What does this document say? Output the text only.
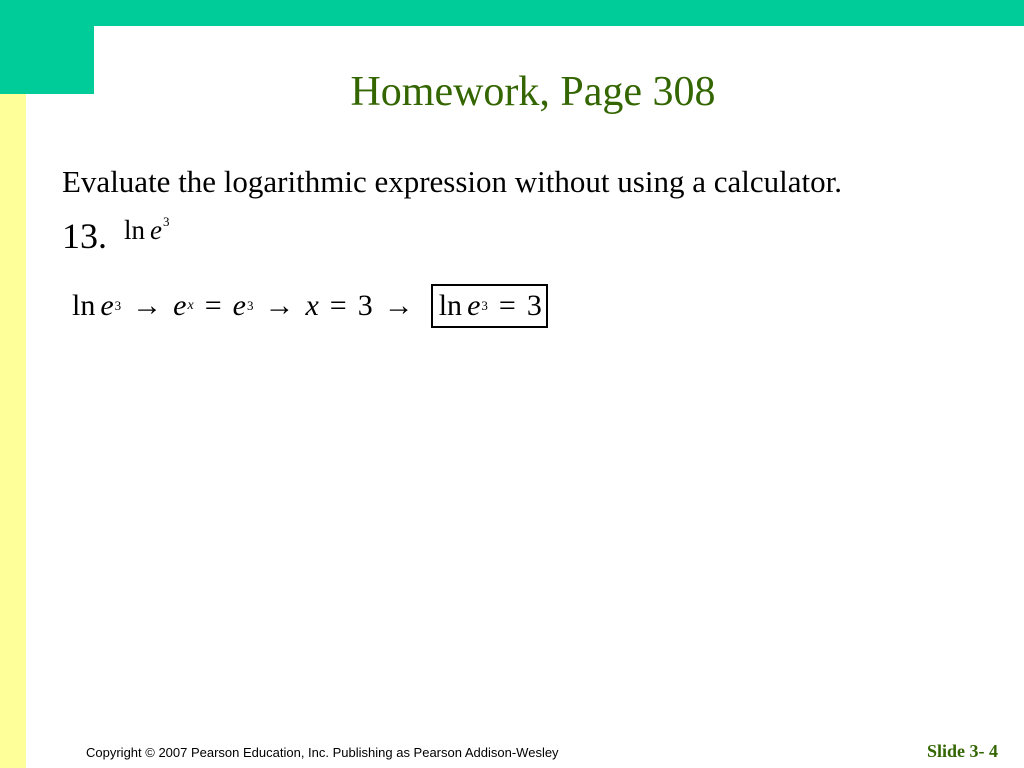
Homework, Page 308
Evaluate the logarithmic expression without using a calculator.
13. $\ln e^3$
ln e 3 → e x = e 3 → x = 3 → ln e 3 = 3
Copyright © 2007 Pearson Education, Inc. Publishing as Pearson Addison-Wesley	Slide 3- 4
